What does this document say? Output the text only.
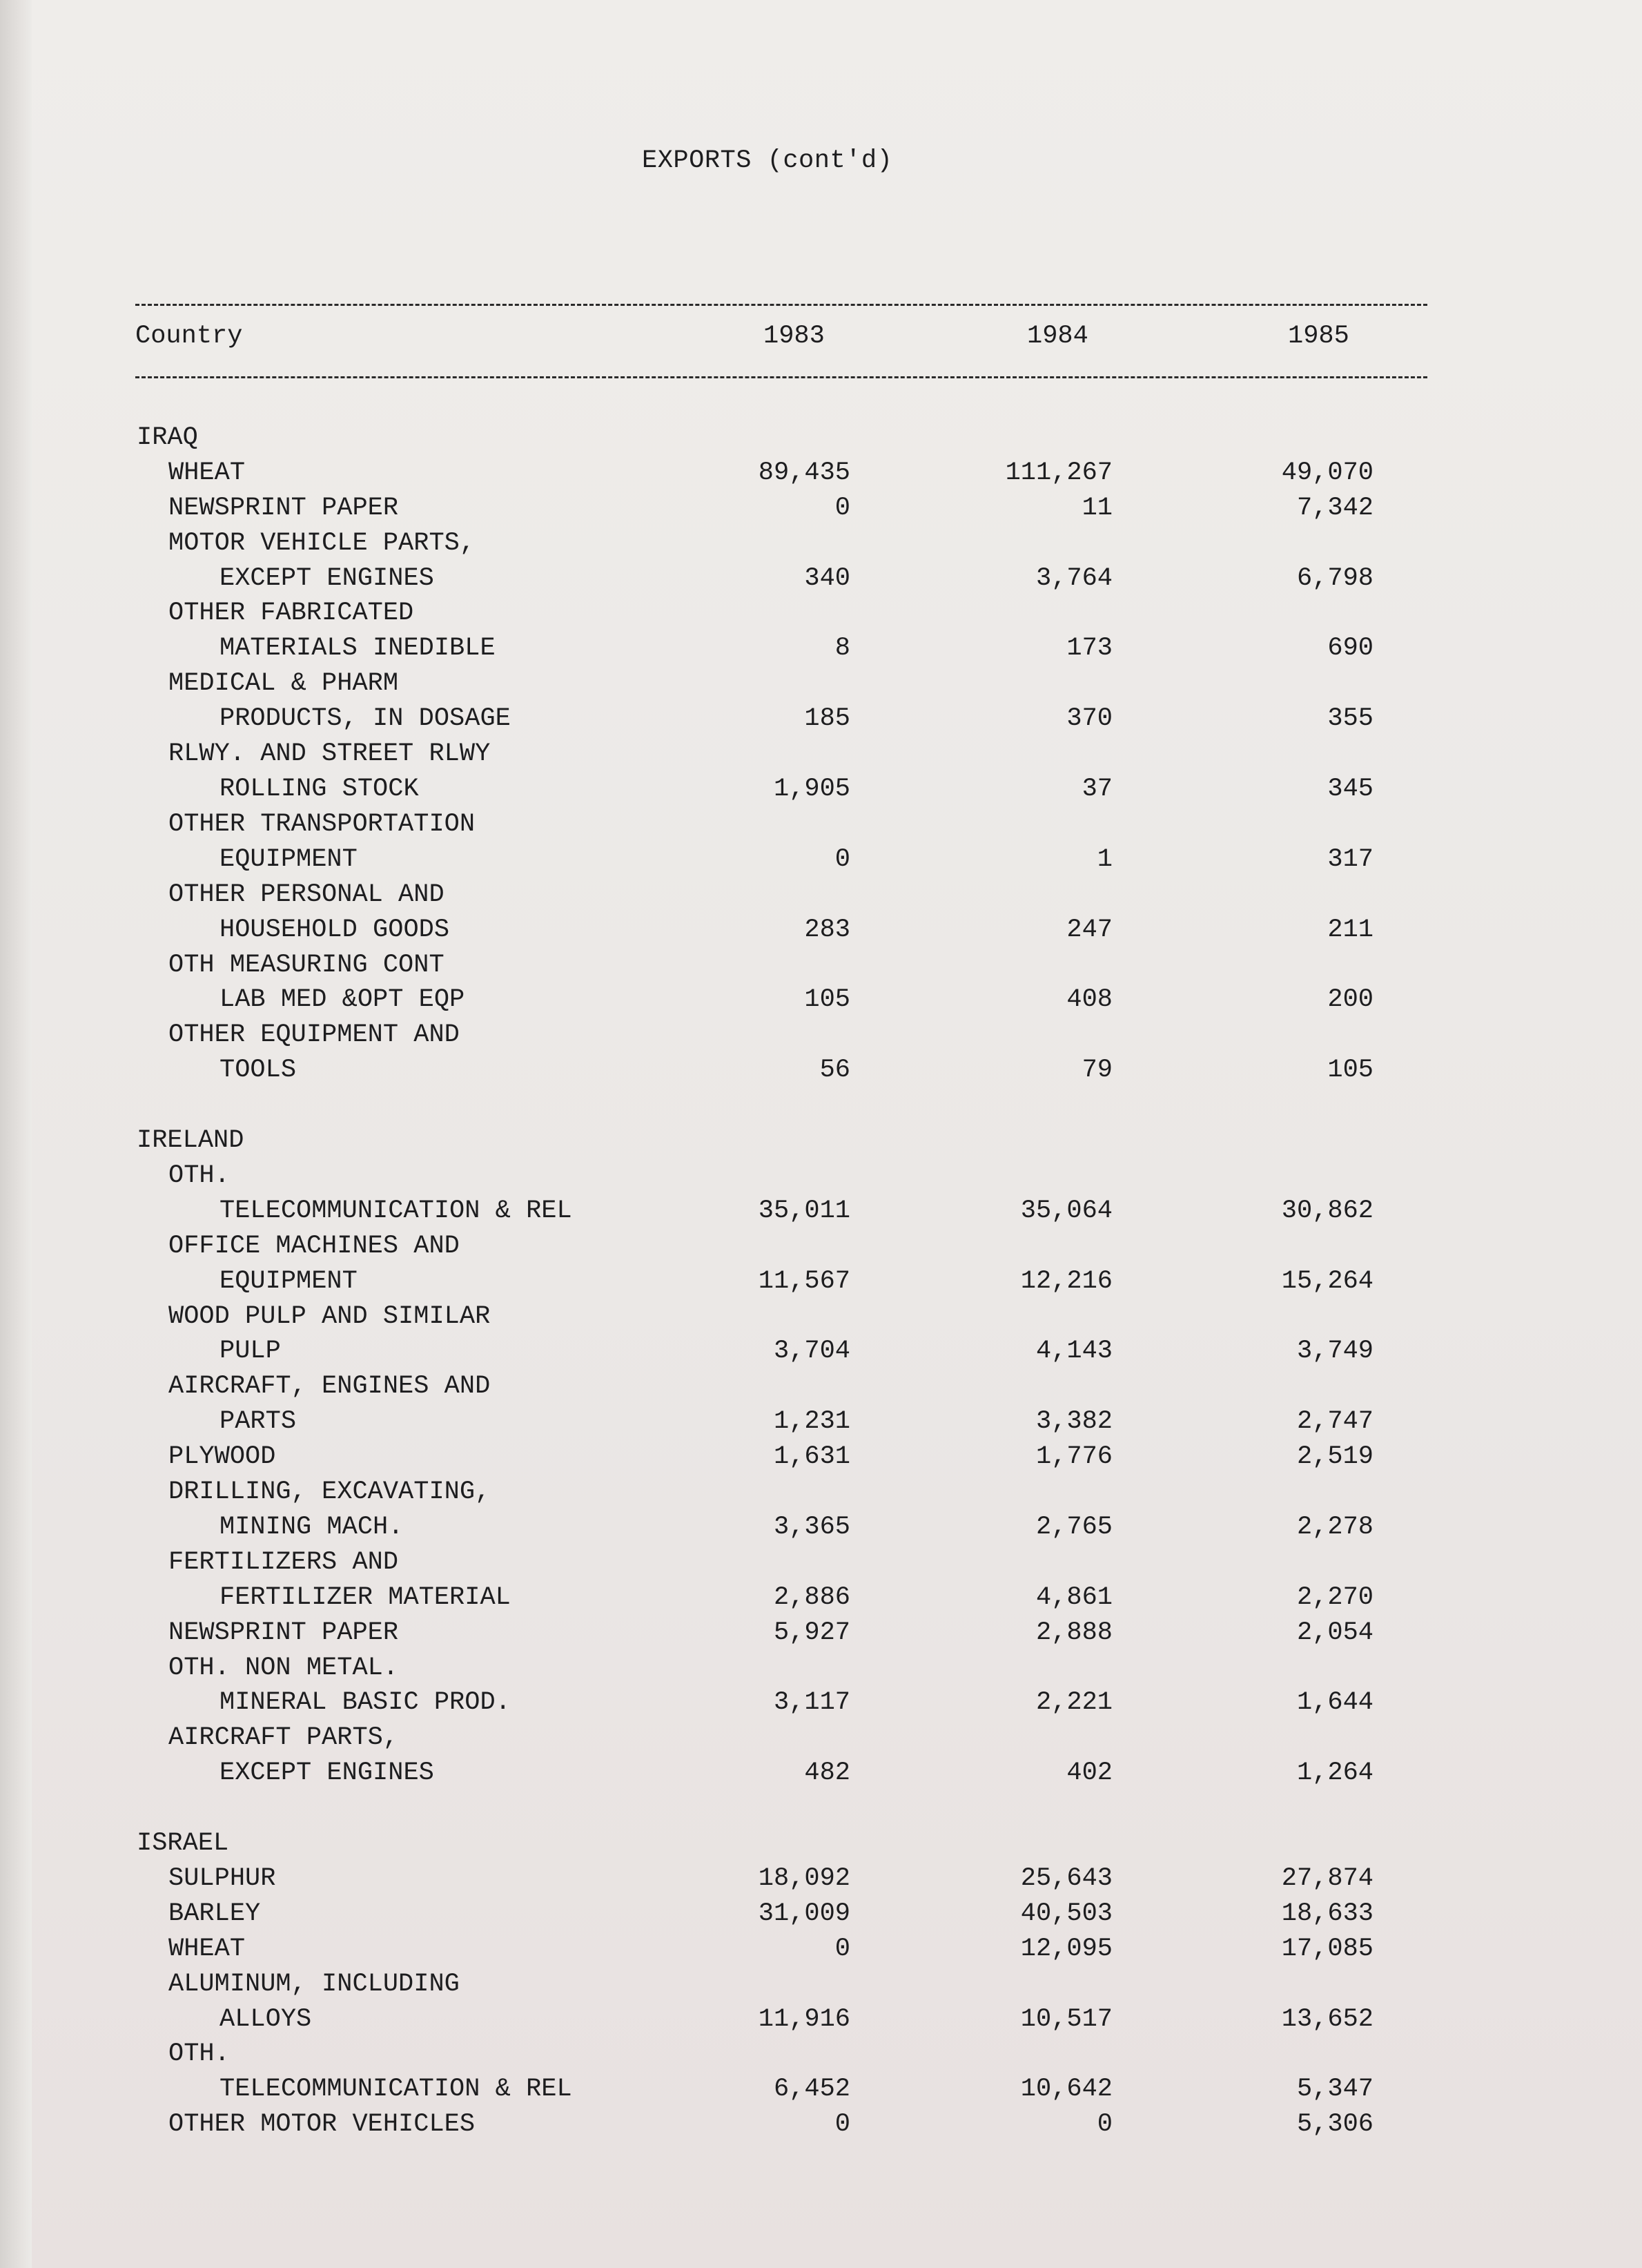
EXPORTS (cont'd)
Country	1983	1984	1985
IRAQ
WHEAT	89,435	111,267	49,070
NEWSPRINT PAPER	0	11	7,342
MOTOR VEHICLE PARTS,
EXCEPT ENGINES	340	3,764	6,798
OTHER FABRICATED
MATERIALS INEDIBLE	8	173	690
MEDICAL & PHARM
PRODUCTS, IN DOSAGE	185	370	355
RLWY. AND STREET RLWY
ROLLING STOCK	1,905	37	345
OTHER TRANSPORTATION
EQUIPMENT	0	1	317
OTHER PERSONAL AND
HOUSEHOLD GOODS	283	247	211
OTH MEASURING CONT
LAB MED &OPT EQP	105	408	200
OTHER EQUIPMENT AND
TOOLS	56	79	105
IRELAND
OTH.
TELECOMMUNICATION & REL	35,011	35,064	30,862
OFFICE MACHINES AND
EQUIPMENT	11,567	12,216	15,264
WOOD PULP AND SIMILAR
PULP	3,704	4,143	3,749
AIRCRAFT, ENGINES AND
PARTS	1,231	3,382	2,747
PLYWOOD	1,631	1,776	2,519
DRILLING, EXCAVATING,
MINING MACH.	3,365	2,765	2,278
FERTILIZERS AND
FERTILIZER MATERIAL	2,886	4,861	2,270
NEWSPRINT PAPER	5,927	2,888	2,054
OTH. NON METAL.
MINERAL BASIC PROD.	3,117	2,221	1,644
AIRCRAFT PARTS,
EXCEPT ENGINES	482	402	1,264
ISRAEL
SULPHUR	18,092	25,643	27,874
BARLEY	31,009	40,503	18,633
WHEAT	0	12,095	17,085
ALUMINUM, INCLUDING
ALLOYS	11,916	10,517	13,652
OTH.
TELECOMMUNICATION & REL	6,452	10,642	5,347
OTHER MOTOR VEHICLES	0	0	5,306
